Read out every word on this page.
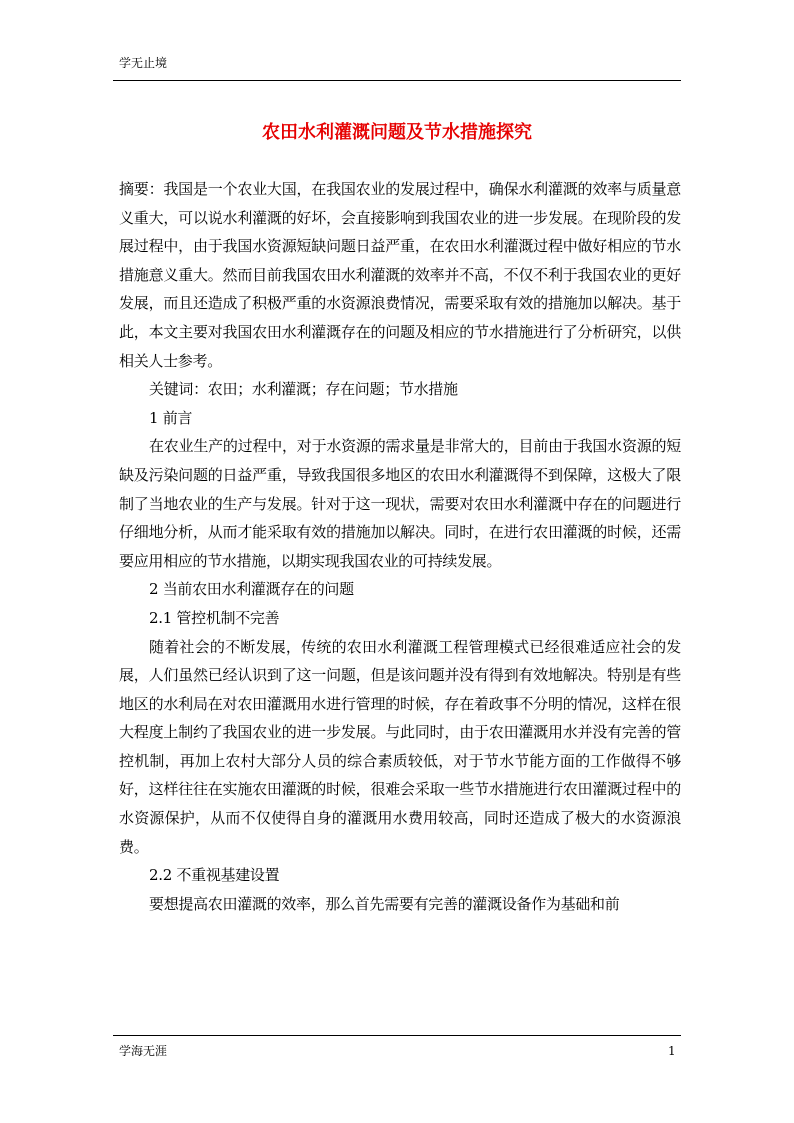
学无止境
农田水利灌溉问题及节水措施探究

摘要：我国是一个农业大国，在我国农业的发展过程中，确保水利灌溉的效率与质量意义重大，可以说水利灌溉的好坏，会直接影响到我国农业的进一步发展。在现阶段的发展过程中，由于我国水资源短缺问题日益严重，在农田水利灌溉过程中做好相应的节水措施意义重大。然而目前我国农田水利灌溉的效率并不高，不仅不利于我国农业的更好发展，而且还造成了积极严重的水资源浪费情况，需要采取有效的措施加以解决。基于此，本文主要对我国农田水利灌溉存在的问题及相应的节水措施进行了分析研究，以供相关人士参考。

关键词：农田；水利灌溉；存在问题；节水措施

1 前言

在农业生产的过程中，对于水资源的需求量是非常大的，目前由于我国水资源的短缺及污染问题的日益严重，导致我国很多地区的农田水利灌溉得不到保障，这极大了限制了当地农业的生产与发展。针对于这一现状，需要对农田水利灌溉中存在的问题进行仔细地分析，从而才能采取有效的措施加以解决。同时，在进行农田灌溉的时候，还需要应用相应的节水措施，以期实现我国农业的可持续发展。

2 当前农田水利灌溉存在的问题

2.1 管控机制不完善

随着社会的不断发展，传统的农田水利灌溉工程管理模式已经很难适应社会的发展，人们虽然已经认识到了这一问题，但是该问题并没有得到有效地解决。特别是有些地区的水利局在对农田灌溉用水进行管理的时候，存在着政事不分明的情况，这样在很大程度上制约了我国农业的进一步发展。与此同时，由于农田灌溉用水并没有完善的管控机制，再加上农村大部分人员的综合素质较低，对于节水节能方面的工作做得不够好，这样往往在实施农田灌溉的时候，很难会采取一些节水措施进行农田灌溉过程中的水资源保护，从而不仅使得自身的灌溉用水费用较高，同时还造成了极大的水资源浪费。

2.2 不重视基建设置

要想提高农田灌溉的效率，那么首先需要有完善的灌溉设备作为基础和前

学海无涯	1
